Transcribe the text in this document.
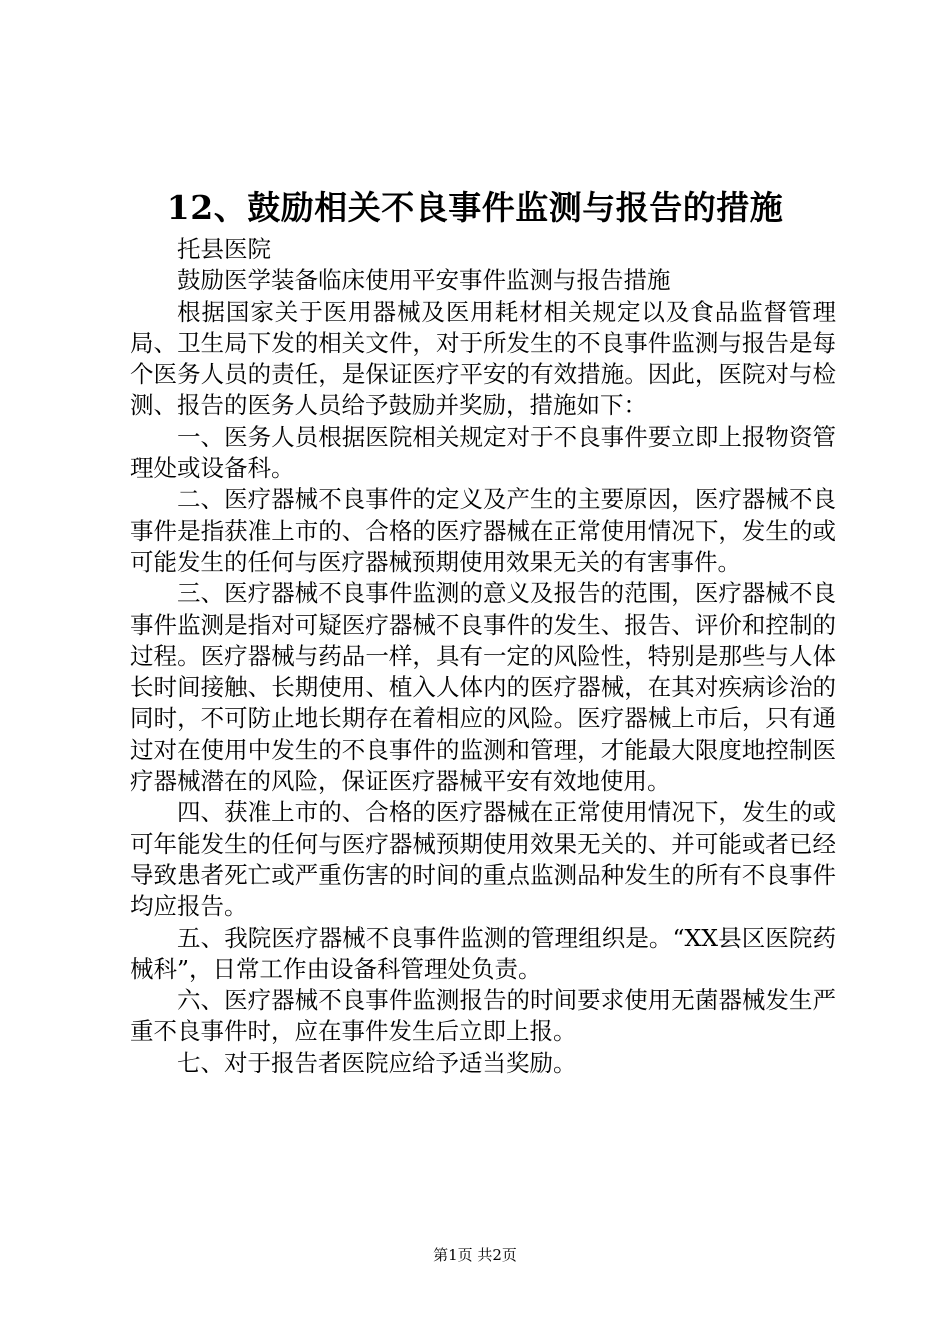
12、鼓励相关不良事件监测与报告的措施

托县医院

鼓励医学装备临床使用平安事件监测与报告措施

根据国家关于医用器械及医用耗材相关规定以及食品监督管理局、卫生局下发的相关文件，对于所发生的不良事件监测与报告是每个医务人员的责任，是保证医疗平安的有效措施。因此，医院对与检测、报告的医务人员给予鼓励并奖励，措施如下：

一、医务人员根据医院相关规定对于不良事件要立即上报物资管理处或设备科。

二、医疗器械不良事件的定义及产生的主要原因，医疗器械不良事件是指获准上市的、合格的医疗器械在正常使用情况下，发生的或可能发生的任何与医疗器械预期使用效果无关的有害事件。

三、医疗器械不良事件监测的意义及报告的范围，医疗器械不良事件监测是指对可疑医疗器械不良事件的发生、报告、评价和控制的过程。医疗器械与药品一样，具有一定的风险性，特别是那些与人体长时间接触、长期使用、植入人体内的医疗器械，在其对疾病诊治的同时，不可防止地长期存在着相应的风险。医疗器械上市后，只有通过对在使用中发生的不良事件的监测和管理，才能最大限度地控制医疗器械潜在的风险，保证医疗器械平安有效地使用。

四、获准上市的、合格的医疗器械在正常使用情况下，发生的或可年能发生的任何与医疗器械预期使用效果无关的、并可能或者已经导致患者死亡或严重伤害的时间的重点监测品种发生的所有不良事件均应报告。

五、我院医疗器械不良事件监测的管理组织是。“XX县区医院药械科”，日常工作由设备科管理处负责。

六、医疗器械不良事件监测报告的时间要求使用无菌器械发生严重不良事件时，应在事件发生后立即上报。

七、对于报告者医院应给予适当奖励。

第1页 共2页
